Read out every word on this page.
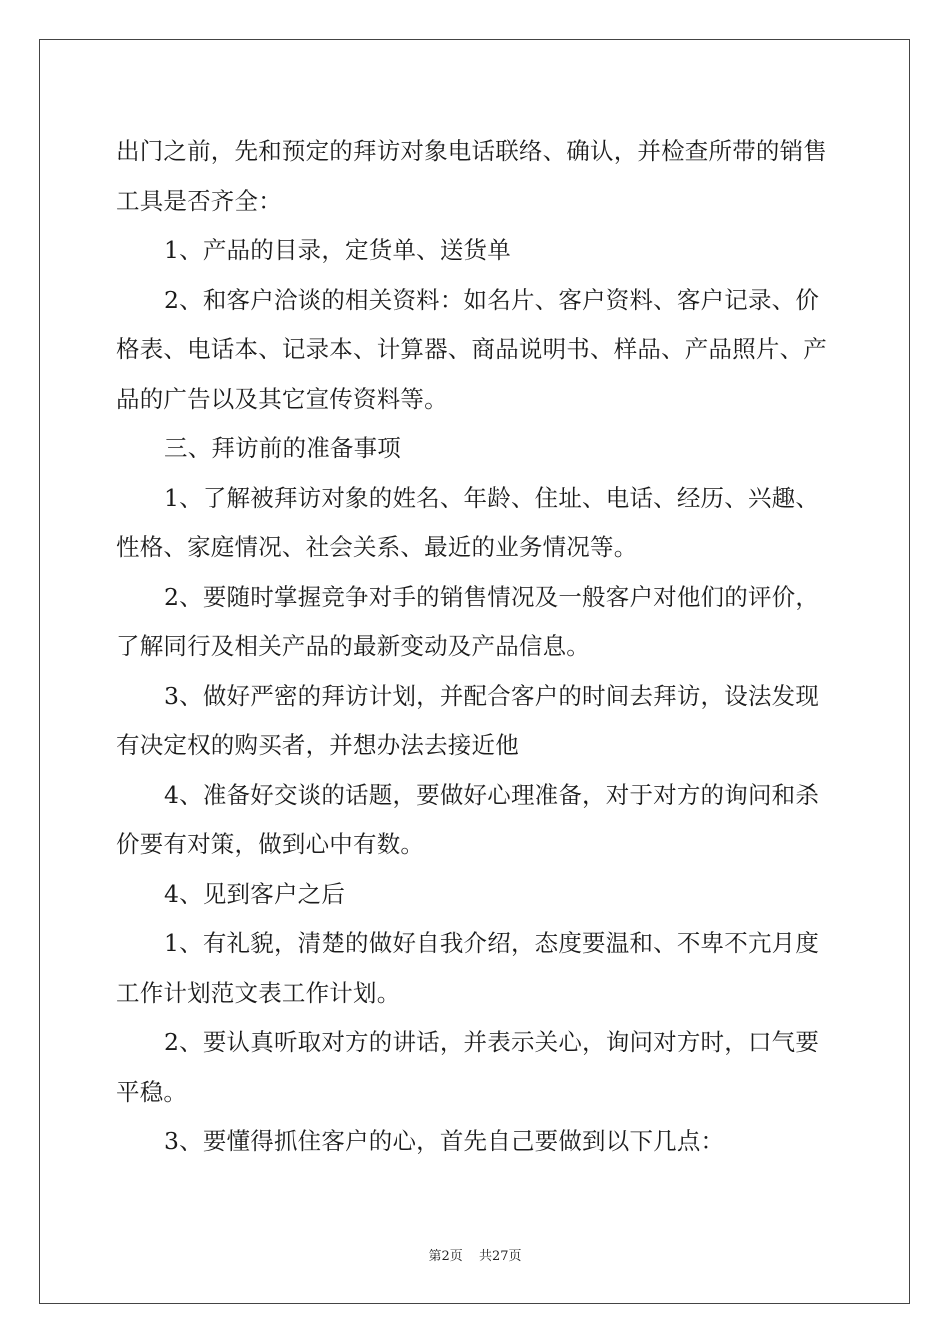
出门之前，先和预定的拜访对象电话联络、确认，并检查所带的销售
工具是否齐全：
1、产品的目录，定货单、送货单
2、和客户洽谈的相关资料：如名片、客户资料、客户记录、价
格表、电话本、记录本、计算器、商品说明书、样品、产品照片、产
品的广告以及其它宣传资料等。
三、拜访前的准备事项
1、了解被拜访对象的姓名、年龄、住址、电话、经历、兴趣、
性格、家庭情况、社会关系、最近的业务情况等。
2、要随时掌握竞争对手的销售情况及一般客户对他们的评价，
了解同行及相关产品的最新变动及产品信息。
3、做好严密的拜访计划，并配合客户的时间去拜访，设法发现
有决定权的购买者，并想办法去接近他
4、准备好交谈的话题，要做好心理准备，对于对方的询问和杀
价要有对策，做到心中有数。
4、见到客户之后
1、有礼貌，清楚的做好自我介绍，态度要温和、不卑不亢月度
工作计划范文表工作计划。
2、要认真听取对方的讲话，并表示关心，询问对方时，口气要
平稳。
3、要懂得抓住客户的心，首先自己要做到以下几点：
第2页 共27页
